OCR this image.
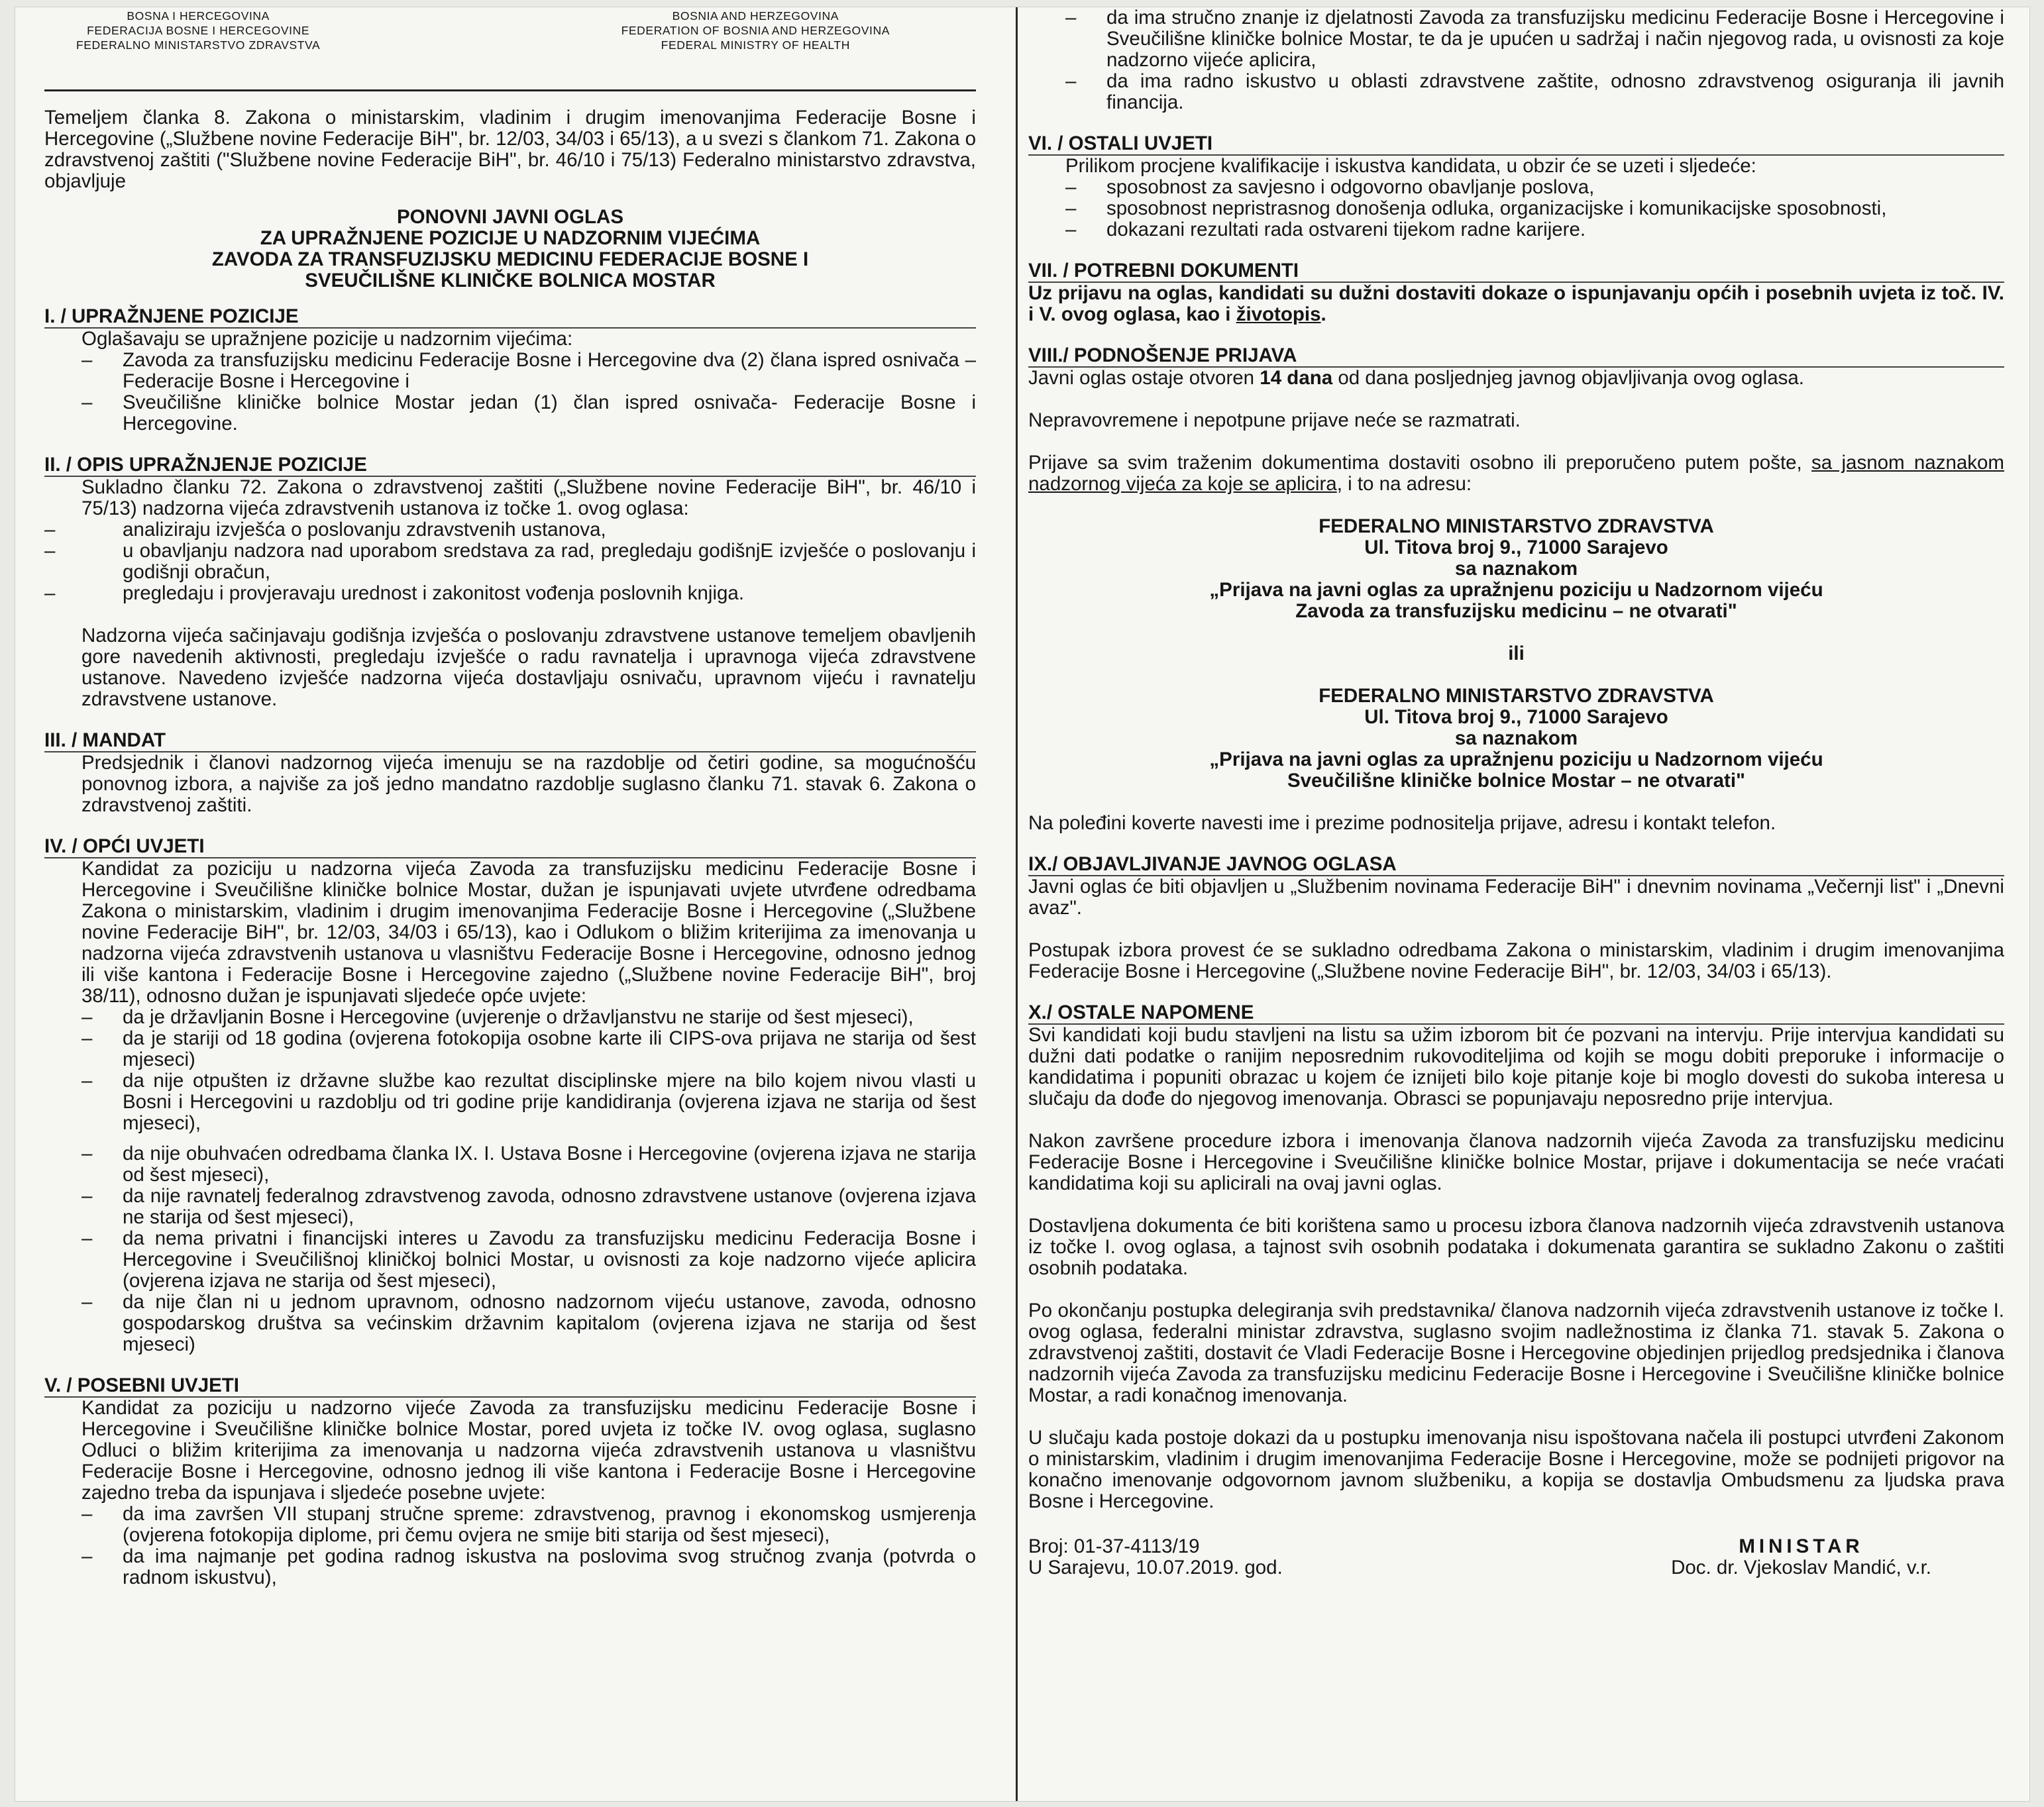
BOSNA I HERCEGOVINA
FEDERACIJA BOSNE I HERCEGOVINE
FEDERALNO MINISTARSTVO ZDRAVSTVA
BOSNIA AND HERZEGOVINA
FEDERATION OF BOSNIA AND HERZEGOVINA
FEDERAL MINISTRY OF HEALTH

Temeljem članka 8. Zakona o ministarskim, vladinim i drugim imenovanjima Federacije Bosne i Hercegovine („Službene novine Federacije BiH", br. 12/03, 34/03 i 65/13), a u svezi s člankom 71. Zakona o zdravstvenoj zaštiti ("Službene novine Federacije BiH", br. 46/10 i 75/13) Federalno ministarstvo zdravstva, objavljuje

PONOVNI JAVNI OGLAS
ZA UPRAŽNJENE POZICIJE U NADZORNIM VIJEĆIMA
ZAVODA ZA TRANSFUZIJSKU MEDICINU FEDERACIJE BOSNE I
SVEUČILIŠNE KLINIČKE BOLNICA MOSTAR
I. / UPRAŽNJENE POZICIJE

Oglašavaju se upražnjene pozicije u nadzornim vijećima:

– Zavoda za transfuzijsku medicinu Federacije Bosne i Hercegovine dva (2) člana ispred osnivača – Federacije Bosne i Hercegovine i
– Sveučilišne kliničke bolnice Mostar jedan (1) član ispred osnivača- Federacije Bosne i Hercegovine.
II. / OPIS UPRAŽNJENJE POZICIJE

Sukladno članku 72. Zakona o zdravstvenoj zaštiti („Službene novine Federacije BiH", br. 46/10 i 75/13) nadzorna vijeća zdravstvenih ustanova iz točke 1. ovog oglasa:

– analiziraju izvješća o poslovanju zdravstvenih ustanova,
– u obavljanju nadzora nad uporabom sredstava za rad, pregledaju godišnjE izvješće o poslovanju i godišnji obračun,
– pregledaju i provjeravaju urednost i zakonitost vođenja poslovnih knjiga.

Nadzorna vijeća sačinjavaju godišnja izvješća o poslovanju zdravstvene ustanove temeljem obavljenih gore navedenih aktivnosti, pregledaju izvješće o radu ravnatelja i upravnoga vijeća zdravstvene ustanove. Navedeno izvješće nadzorna vijeća dostavljaju osnivaču, upravnom vijeću i ravnatelju zdravstvene ustanove.

III. / MANDAT

Predsjednik i članovi nadzornog vijeća imenuju se na razdoblje od četiri godine, sa mogućnošću ponovnog izbora, a najviše za još jedno mandatno razdoblje suglasno članku 71. stavak 6. Zakona o zdravstvenoj zaštiti.

IV. / OPĆI UVJETI

Kandidat za poziciju u nadzorna vijeća Zavoda za transfuzijsku medicinu Federacije Bosne i Hercegovine i Sveučilišne kliničke bolnice Mostar, dužan je ispunjavati uvjete utvrđene odredbama Zakona o ministarskim, vladinim i drugim imenovanjima Federacije Bosne i Hercegovine („Službene novine Federacije BiH", br. 12/03, 34/03 i 65/13), kao i Odlukom o bližim kriterijima za imenovanja u nadzorna vijeća zdravstvenih ustanova u vlasništvu Federacije Bosne i Hercegovine, odnosno jednog ili više kantona i Federacije Bosne i Hercegovine zajedno („Službene novine Federacije BiH", broj 38/11), odnosno dužan je ispunjavati sljedeće opće uvjete:

– da je državljanin Bosne i Hercegovine (uvjerenje o državljanstvu ne starije od šest mjeseci),
– da je stariji od 18 godina (ovjerena fotokopija osobne karte ili CIPS-ova prijava ne starija od šest mjeseci)
– da nije otpušten iz državne službe kao rezultat disciplinske mjere na bilo kojem nivou vlasti u Bosni i Hercegovini u razdoblju od tri godine prije kandidiranja (ovjerena izjava ne starija od šest mjeseci),
– da nije obuhvaćen odredbama članka IX. I. Ustava Bosne i Hercegovine (ovjerena izjava ne starija od šest mjeseci),
– da nije ravnatelj federalnog zdravstvenog zavoda, odnosno zdravstvene ustanove (ovjerena izjava ne starija od šest mjeseci),
– da nema privatni i financijski interes u Zavodu za transfuzijsku medicinu Federacija Bosne i Hercegovine i Sveučilišnoj kliničkoj bolnici Mostar, u ovisnosti za koje nadzorno vijeće aplicira (ovjerena izjava ne starija od šest mjeseci),
– da nije član ni u jednom upravnom, odnosno nadzornom vijeću ustanove, zavoda, odnosno gospodarskog društva sa većinskim državnim kapitalom (ovjerena izjava ne starija od šest mjeseci)
V. / POSEBNI UVJETI

Kandidat za poziciju u nadzorno vijeće Zavoda za transfuzijsku medicinu Federacije Bosne i Hercegovine i Sveučilišne kliničke bolnice Mostar, pored uvjeta iz točke IV. ovog oglasa, suglasno Odluci o bližim kriterijima za imenovanja u nadzorna vijeća zdravstvenih ustanova u vlasništvu Federacije Bosne i Hercegovine, odnosno jednog ili više kantona i Federacije Bosne i Hercegovine zajedno treba da ispunjava i sljedeće posebne uvjete:

– da ima završen VII stupanj stručne spreme: zdravstvenog, pravnog i ekonomskog usmjerenja (ovjerena fotokopija diplome, pri čemu ovjera ne smije biti starija od šest mjeseci),
– da ima najmanje pet godina radnog iskustva na poslovima svog stručnog zvanja (potvrda o radnom iskustvu),
– da ima stručno znanje iz djelatnosti Zavoda za transfuzijsku medicinu Federacije Bosne i Hercegovine i Sveučilišne kliničke bolnice Mostar, te da je upućen u sadržaj i način njegovog rada, u ovisnosti za koje nadzorno vijeće aplicira,
– da ima radno iskustvo u oblasti zdravstvene zaštite, odnosno zdravstvenog osiguranja ili javnih financija.
VI. / OSTALI UVJETI

Prilikom procjene kvalifikacije i iskustva kandidata, u obzir će se uzeti i sljedeće:

– sposobnost za savjesno i odgovorno obavljanje poslova,
– sposobnost nepristrasnog donošenja odluka, organizacijske i komunikacijske sposobnosti,
– dokazani rezultati rada ostvareni tijekom radne karijere.
VII. / POTREBNI DOKUMENTI

Uz prijavu na oglas, kandidati su dužni dostaviti dokaze o ispunjavanju općih i posebnih uvjeta iz toč. IV. i V. ovog oglasa, kao i životopis.

VIII./ PODNOŠENJE PRIJAVA

Javni oglas ostaje otvoren 14 dana od dana posljednjeg javnog objavljivanja ovog oglasa.

Nepravovremene i nepotpune prijave neće se razmatrati.

Prijave sa svim traženim dokumentima dostaviti osobno ili preporučeno putem pošte, sa jasnom naznakom nadzornog vijeća za koje se aplicira, i to na adresu:

FEDERALNO MINISTARSTVO ZDRAVSTVA
Ul. Titova broj 9., 71000 Sarajevo
sa naznakom
„Prijava na javni oglas za upražnjenu poziciju u Nadzornom vijeću
Zavoda za transfuzijsku medicinu – ne otvarati"
ili
FEDERALNO MINISTARSTVO ZDRAVSTVA
Ul. Titova broj 9., 71000 Sarajevo
sa naznakom
„Prijava na javni oglas za upražnjenu poziciju u Nadzornom vijeću
Sveučilišne kliničke bolnice Mostar – ne otvarati"

Na poleđini koverte navesti ime i prezime podnositelja prijave, adresu i kontakt telefon.

IX./ OBJAVLJIVANJE JAVNOG OGLASA

Javni oglas će biti objavljen u „Službenim novinama Federacije BiH" i dnevnim novinama „Večernji list" i „Dnevni avaz".

Postupak izbora provest će se sukladno odredbama Zakona o ministarskim, vladinim i drugim imenovanjima Federacije Bosne i Hercegovine („Službene novine Federacije BiH", br. 12/03, 34/03 i 65/13).

X./ OSTALE NAPOMENE

Svi kandidati koji budu stavljeni na listu sa užim izborom bit će pozvani na intervju. Prije intervjua kandidati su dužni dati podatke o ranijim neposrednim rukovoditeljima od kojih se mogu dobiti preporuke i informacije o kandidatima i popuniti obrazac u kojem će iznijeti bilo koje pitanje koje bi moglo dovesti do sukoba interesa u slučaju da dođe do njegovog imenovanja. Obrasci se popunjavaju neposredno prije intervjua.

Nakon završene procedure izbora i imenovanja članova nadzornih vijeća Zavoda za transfuzijsku medicinu Federacije Bosne i Hercegovine i Sveučilišne kliničke bolnice Mostar, prijave i dokumentacija se neće vraćati kandidatima koji su aplicirali na ovaj javni oglas.

Dostavljena dokumenta će biti korištena samo u procesu izbora članova nadzornih vijeća zdravstvenih ustanova iz točke I. ovog oglasa, a tajnost svih osobnih podataka i dokumenata garantira se sukladno Zakonu o zaštiti osobnih podataka.

Po okončanju postupka delegiranja svih predstavnika/ članova nadzornih vijeća zdravstvenih ustanove iz točke I. ovog oglasa, federalni ministar zdravstva, suglasno svojim nadležnostima iz članka 71. stavak 5. Zakona o zdravstvenoj zaštiti, dostavit će Vladi Federacije Bosne i Hercegovine objedinjen prijedlog predsjednika i članova nadzornih vijeća Zavoda za transfuzijsku medicinu Federacije Bosne i Hercegovine i Sveučilišne kliničke bolnice Mostar, a radi konačnog imenovanja.

U slučaju kada postoje dokazi da u postupku imenovanja nisu ispoštovana načela ili postupci utvrđeni Zakonom o ministarskim, vladinim i drugim imenovanjima Federacije Bosne i Hercegovine, može se podnijeti prigovor na konačno imenovanje odgovornom javnom službeniku, a kopija se dostavlja Ombudsmenu za ljudska prava Bosne i Hercegovine.

Broj: 01-37-4113/19
U Sarajevu, 10.07.2019. god.
MINISTAR
Doc. dr. Vjekoslav Mandić, v.r.
